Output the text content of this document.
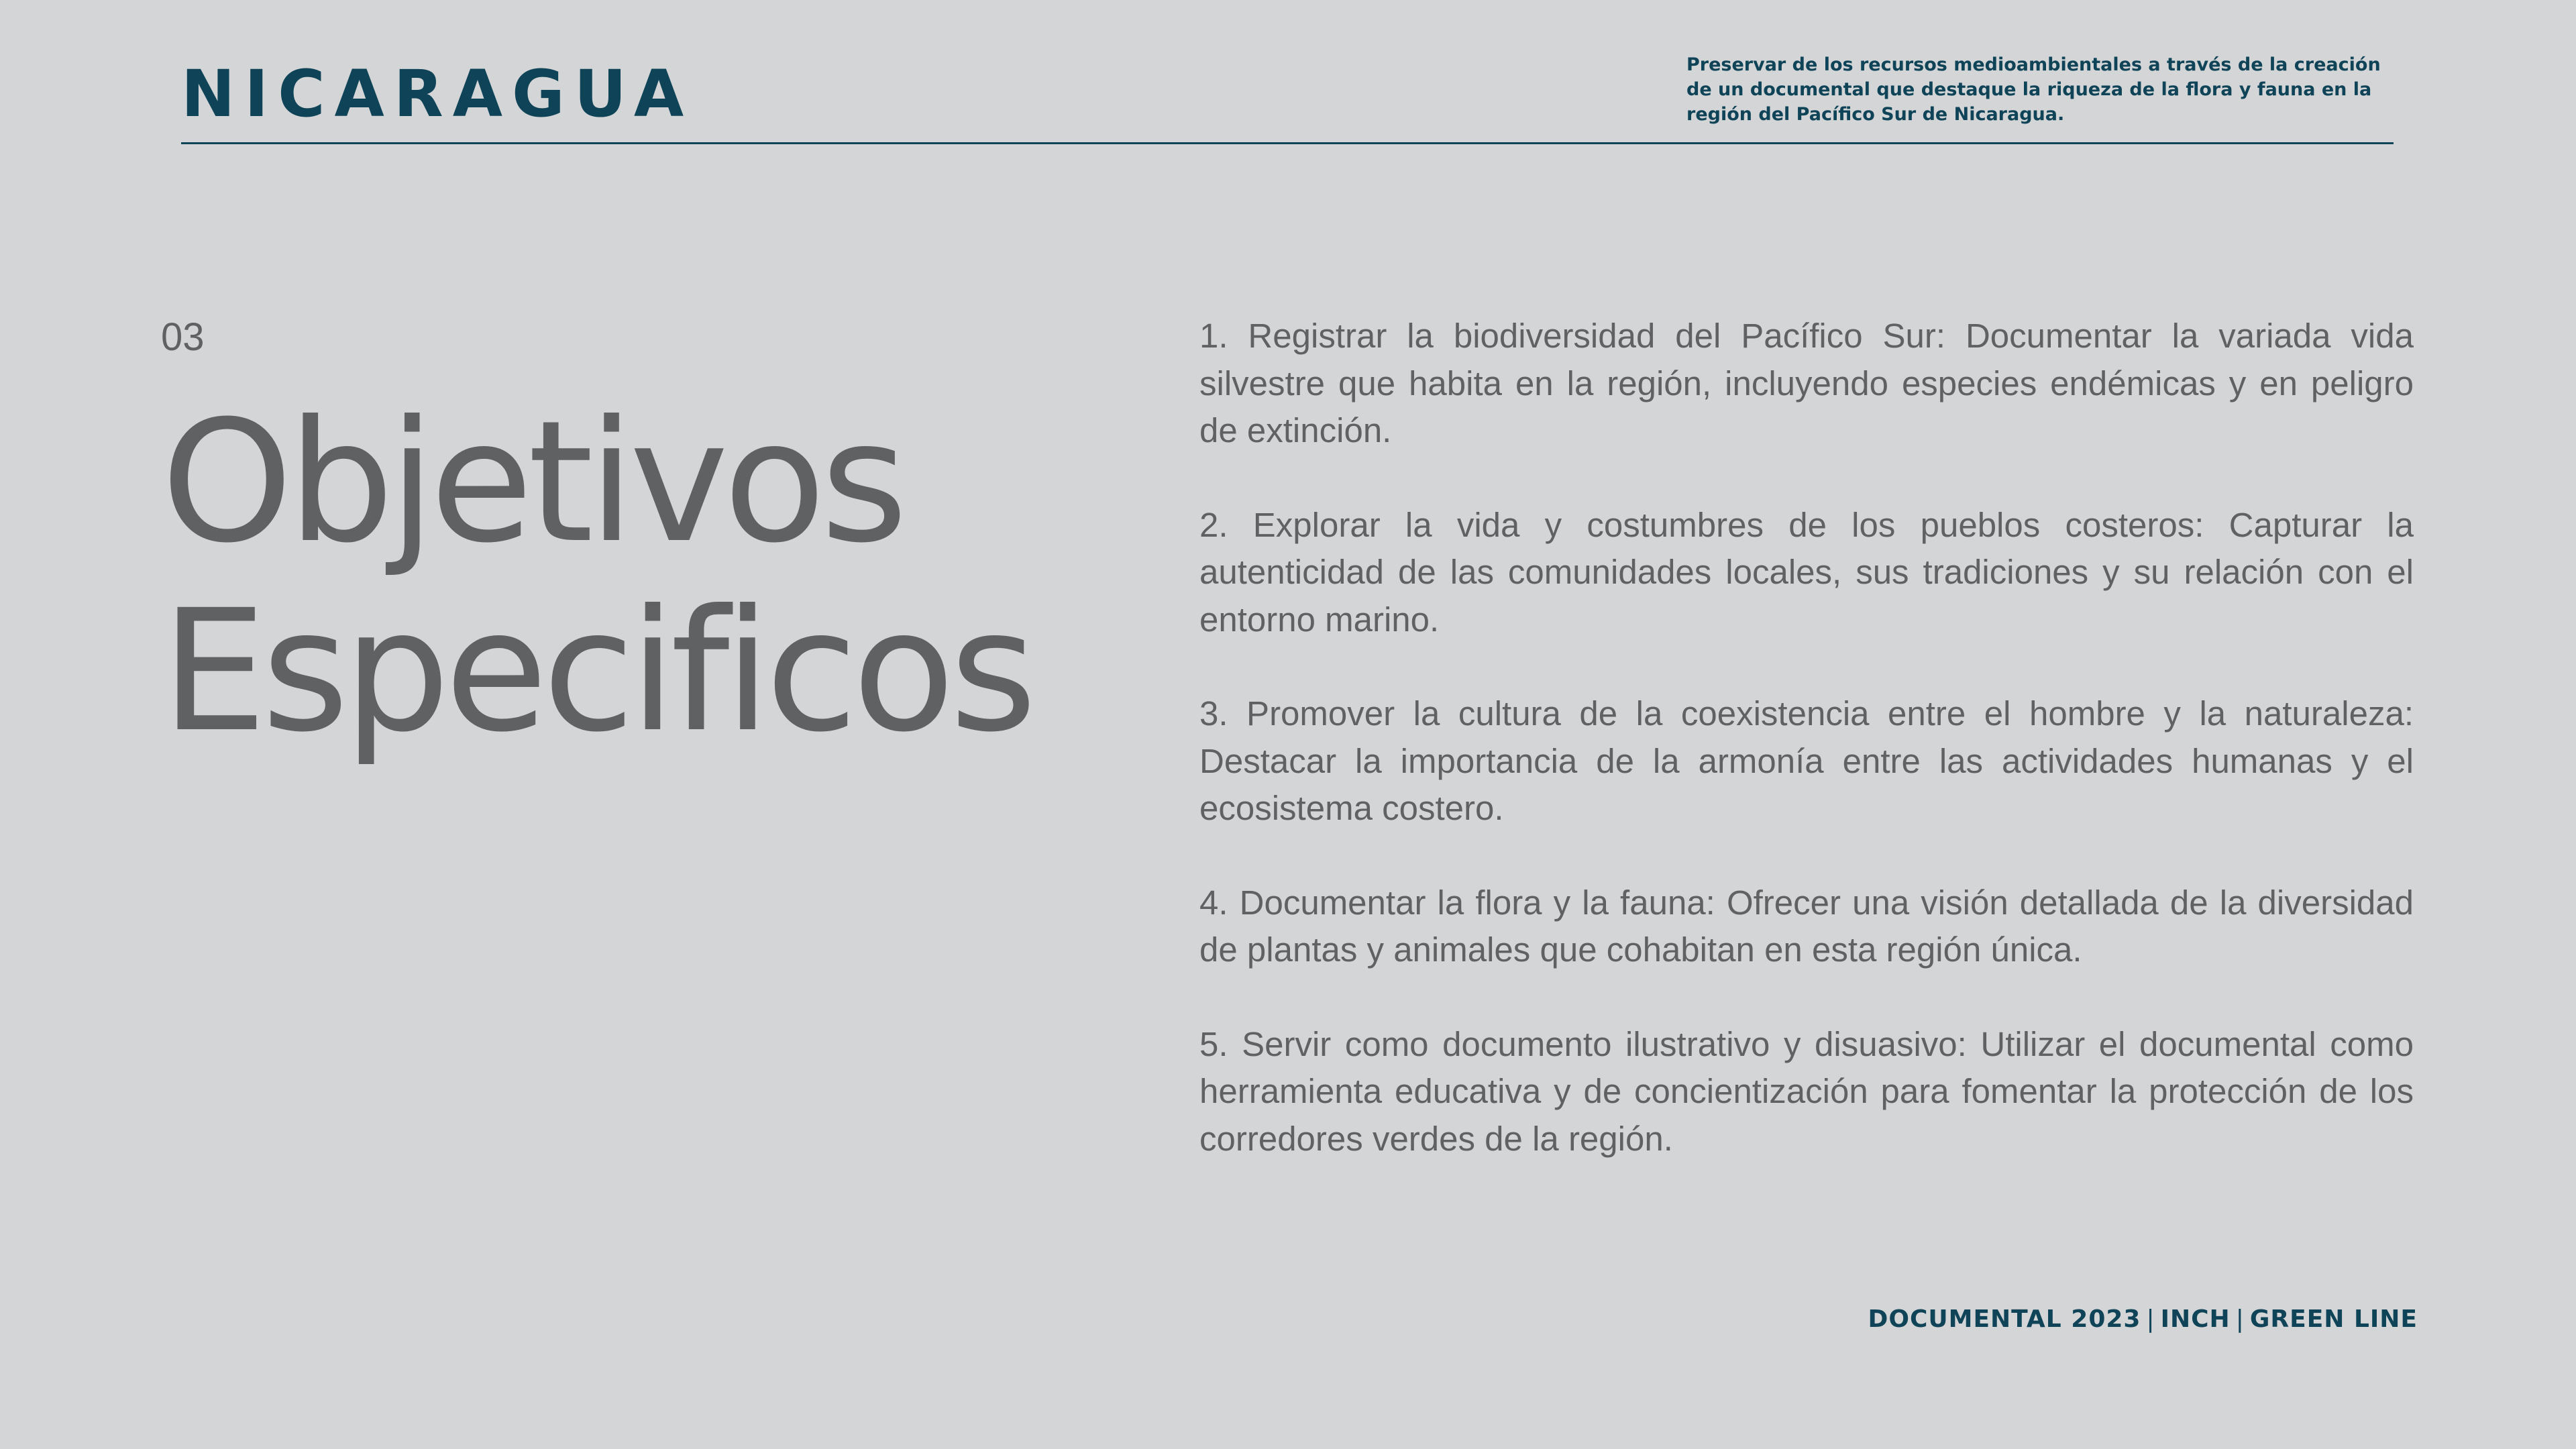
NICARAGUA	Preservar de los recursos medioambientales a través de la creación de un documental que destaque la riqueza de la flora y fauna en la región del Pacífico Sur de Nicaragua.
03
Objetivos
Especificos
1. Registrar la biodiversidad del Pacífico Sur: Documentar la variada vida silvestre que habita en la región, incluyendo especies endémicas y en peligro de extinción.
2. Explorar la vida y costumbres de los pueblos costeros: Capturar la autenticidad de las comunidades locales, sus tradiciones y su relación con el entorno marino.
3. Promover la cultura de la coexistencia entre el hombre y la naturaleza: Destacar la importancia de la armonía entre las actividades humanas y el ecosistema costero.
4. Documentar la flora y la fauna: Ofrecer una visión detallada de la diversidad de plantas y animales que cohabitan en esta región única.
5. Servir como documento ilustrativo y disuasivo: Utilizar el documental como herramienta educativa y de concientización para fomentar la protección de los corredores verdes de la región.
DOCUMENTAL 2023 | INCH | GREEN LINE
